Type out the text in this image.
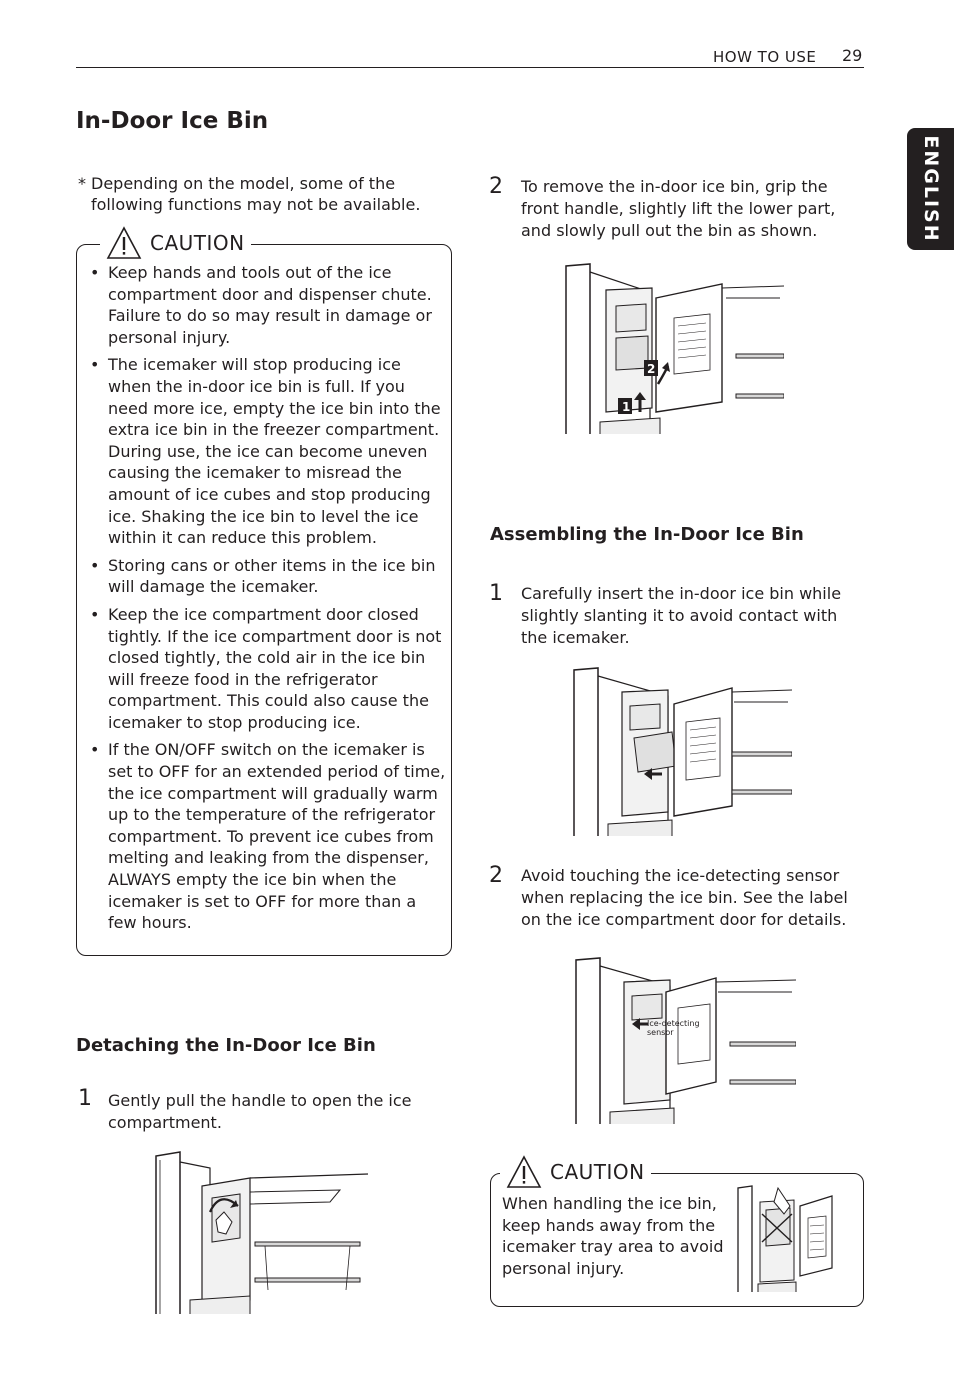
HOW TO USE 29
ENGLISH
In-Door Ice Bin
* Depending on the model, some of the following functions may not be available.
CAUTION
• Keep hands and tools out of the ice compartment door and dispenser chute. Failure to do so may result in damage or personal injury.
• The icemaker will stop producing ice when the in-door ice bin is full. If you need more ice, empty the ice bin into the extra ice bin in the freezer compartment. During use, the ice can become uneven causing the icemaker to misread the amount of ice cubes and stop producing ice. Shaking the ice bin to level the ice within it can reduce this problem.
• Storing cans or other items in the ice bin will damage the icemaker.
• Keep the ice compartment door closed tightly. If the ice compartment door is not closed tightly, the cold air in the ice bin will freeze food in the refrigerator compartment. This could also cause the icemaker to stop producing ice.
• If the ON/OFF switch on the icemaker is set to OFF for an extended period of time, the ice compartment will gradually warm up to the temperature of the refrigerator compartment. To prevent ice cubes from melting and leaking from the dispenser, ALWAYS empty the ice bin when the icemaker is set to OFF for more than a few hours.
Detaching the In-Door Ice Bin
1 Gently pull the handle to open the ice compartment.
2 To remove the in-door ice bin, grip the front handle, slightly lift the lower part, and slowly pull out the bin as shown.
2
1
Assembling the In-Door Ice Bin
1 Carefully insert the in-door ice bin while slightly slanting it to avoid contact with the icemaker.
2 Avoid touching the ice-detecting sensor when replacing the ice bin. See the label on the ice compartment door for details.
Ice-detecting
sensor
CAUTION
When handling the ice bin, keep hands away from the icemaker tray area to avoid personal injury.
